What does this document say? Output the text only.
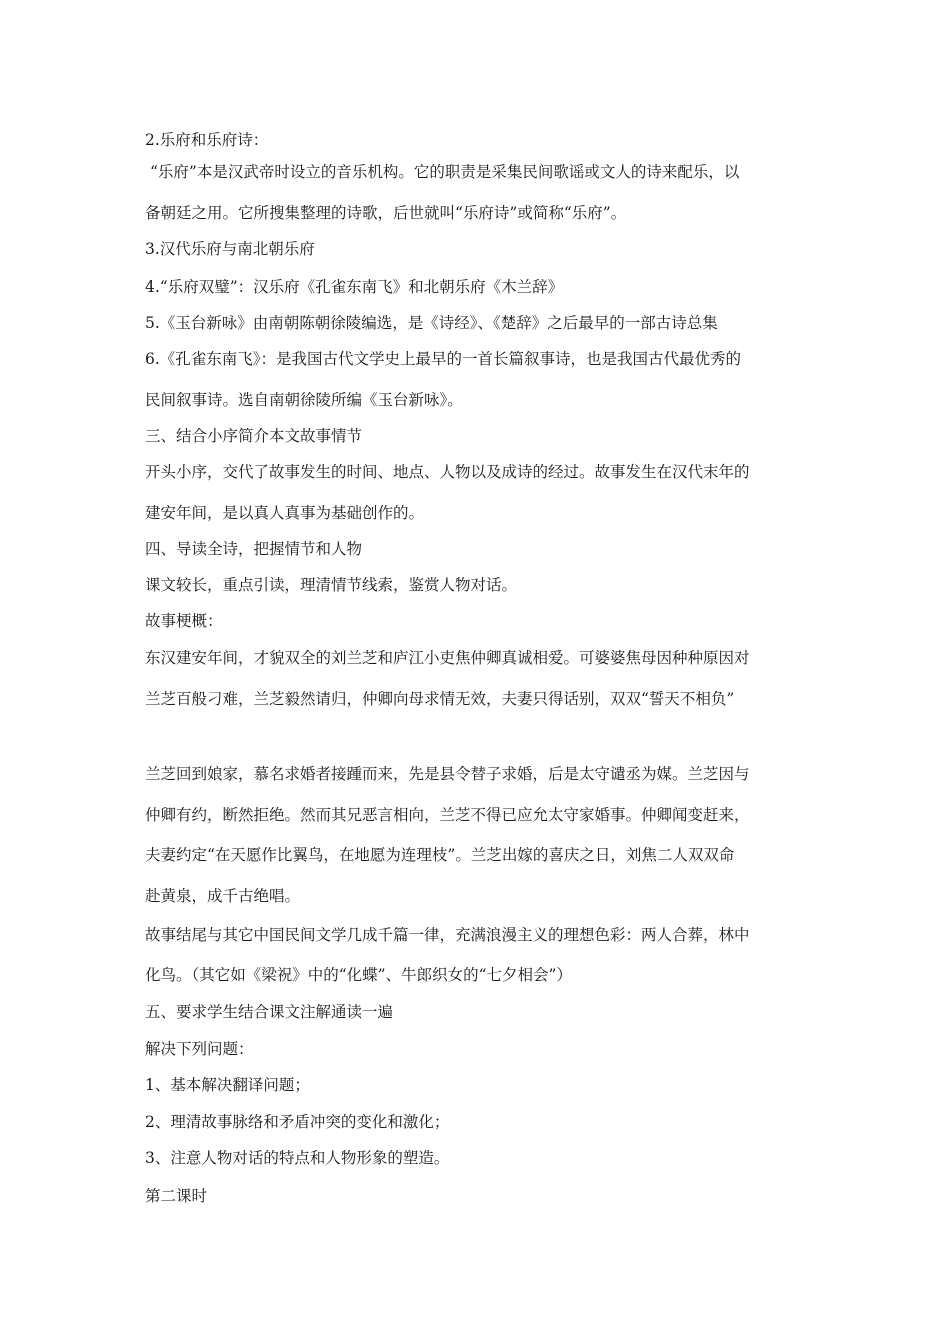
2.乐府和乐府诗：

“乐府”本是汉武帝时设立的音乐机构。它的职责是采集民间歌谣或文人的诗来配乐，以

备朝廷之用。它所搜集整理的诗歌，后世就叫“乐府诗”或简称“乐府”。

3.汉代乐府与南北朝乐府

4.“乐府双璧”：汉乐府《孔雀东南飞》和北朝乐府《木兰辞》

5.《玉台新咏》由南朝陈朝徐陵编选，是《诗经》、《楚辞》之后最早的一部古诗总集

6.《孔雀东南飞》：是我国古代文学史上最早的一首长篇叙事诗，也是我国古代最优秀的

民间叙事诗。选自南朝徐陵所编《玉台新咏》。

三、结合小序简介本文故事情节

开头小序，交代了故事发生的时间、地点、人物以及成诗的经过。故事发生在汉代末年的

建安年间，是以真人真事为基础创作的。

四、导读全诗，把握情节和人物

课文较长，重点引读，理清情节线索，鉴赏人物对话。

故事梗概：

东汉建安年间，才貌双全的刘兰芝和庐江小吏焦仲卿真诚相爱。可婆婆焦母因种种原因对

兰芝百般刁难，兰芝毅然请归，仲卿向母求情无效，夫妻只得话别，双双“誓天不相负”

兰芝回到娘家，慕名求婚者接踵而来，先是县令替子求婚，后是太守谴丞为媒。兰芝因与

仲卿有约，断然拒绝。然而其兄恶言相向，兰芝不得已应允太守家婚事。仲卿闻变赶来，

夫妻约定“在天愿作比翼鸟，在地愿为连理枝”。兰芝出嫁的喜庆之日，刘焦二人双双命

赴黄泉，成千古绝唱。

故事结尾与其它中国民间文学几成千篇一律，充满浪漫主义的理想色彩：两人合葬，林中

化鸟。（其它如《梁祝》中的“化蝶”、牛郎织女的“七夕相会”）

五、要求学生结合课文注解通读一遍

解决下列问题：

1、基本解决翻译问题；

2、理清故事脉络和矛盾冲突的变化和激化；

3、注意人物对话的特点和人物形象的塑造。

第二课时
